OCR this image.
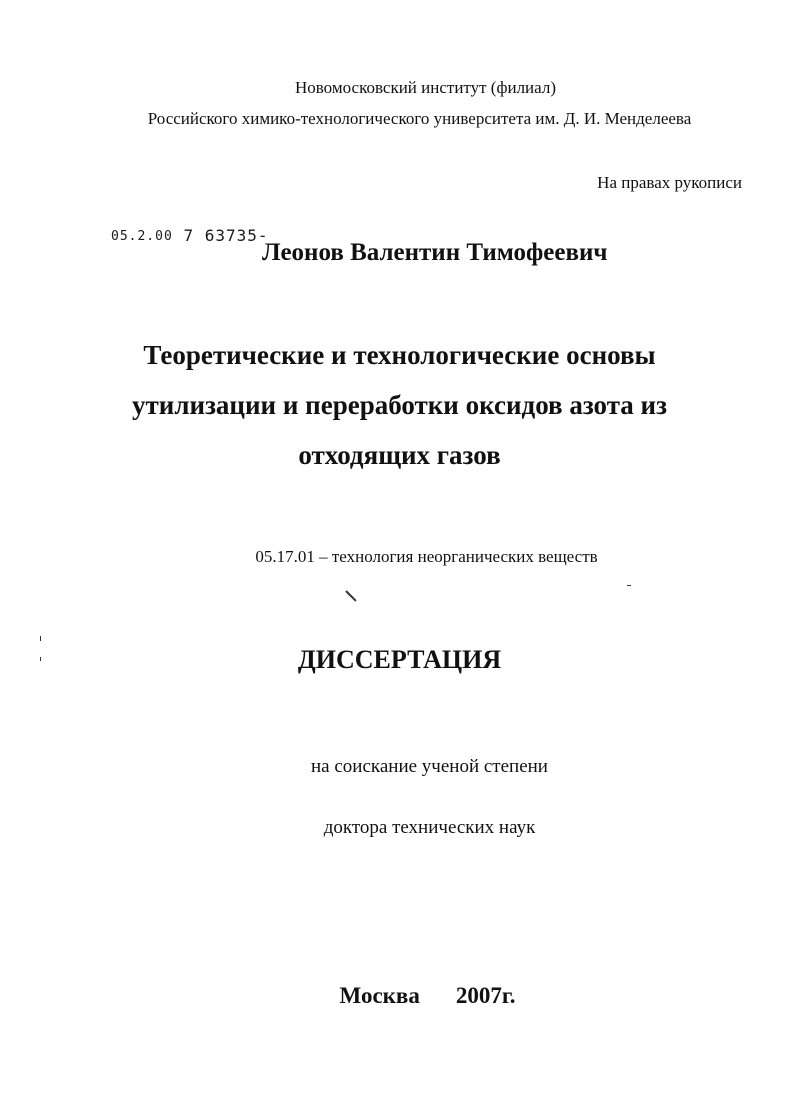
Новомосковский институт (филиал)
Российского химико-технологического университета им. Д. И. Менделеева
На правах рукописи
05.2.00 7 63735-
Леонов Валентин Тимофеевич
Теоретические и технологические основы
утилизации и переработки оксидов азота из
отходящих газов
05.17.01 – технология неорганических веществ
ДИССЕРТАЦИЯ
на соискание ученой степени
доктора технических наук
Москва 2007г.
